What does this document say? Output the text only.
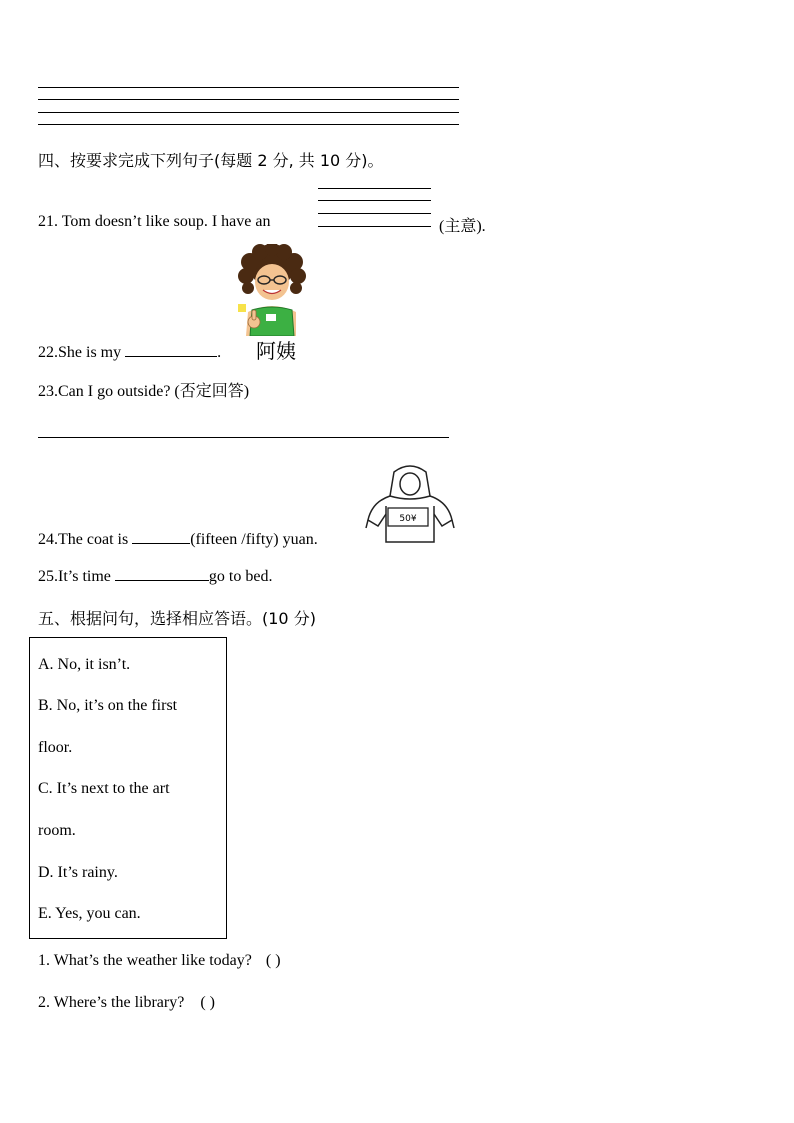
四、按要求完成下列句子(每题 2 分, 共 10 分)。
21. Tom doesn’t like soup. I have an	(主意).
阿姨
22.She is my	.
23.Can I go outside? (否定回答)
50¥
24.The coat is	(fifteen /fifty) yuan.
25.It’s time	go to bed.
五、根据问句，选择相应答语。(10 分)
A. No, it isn’t.
B. No, it’s on the first
floor.
C. It’s next to the art
room.
D. It’s rainy.
E. Yes, you can.
1. What’s the weather like today? ( )
2. Where’s the library? ( )
